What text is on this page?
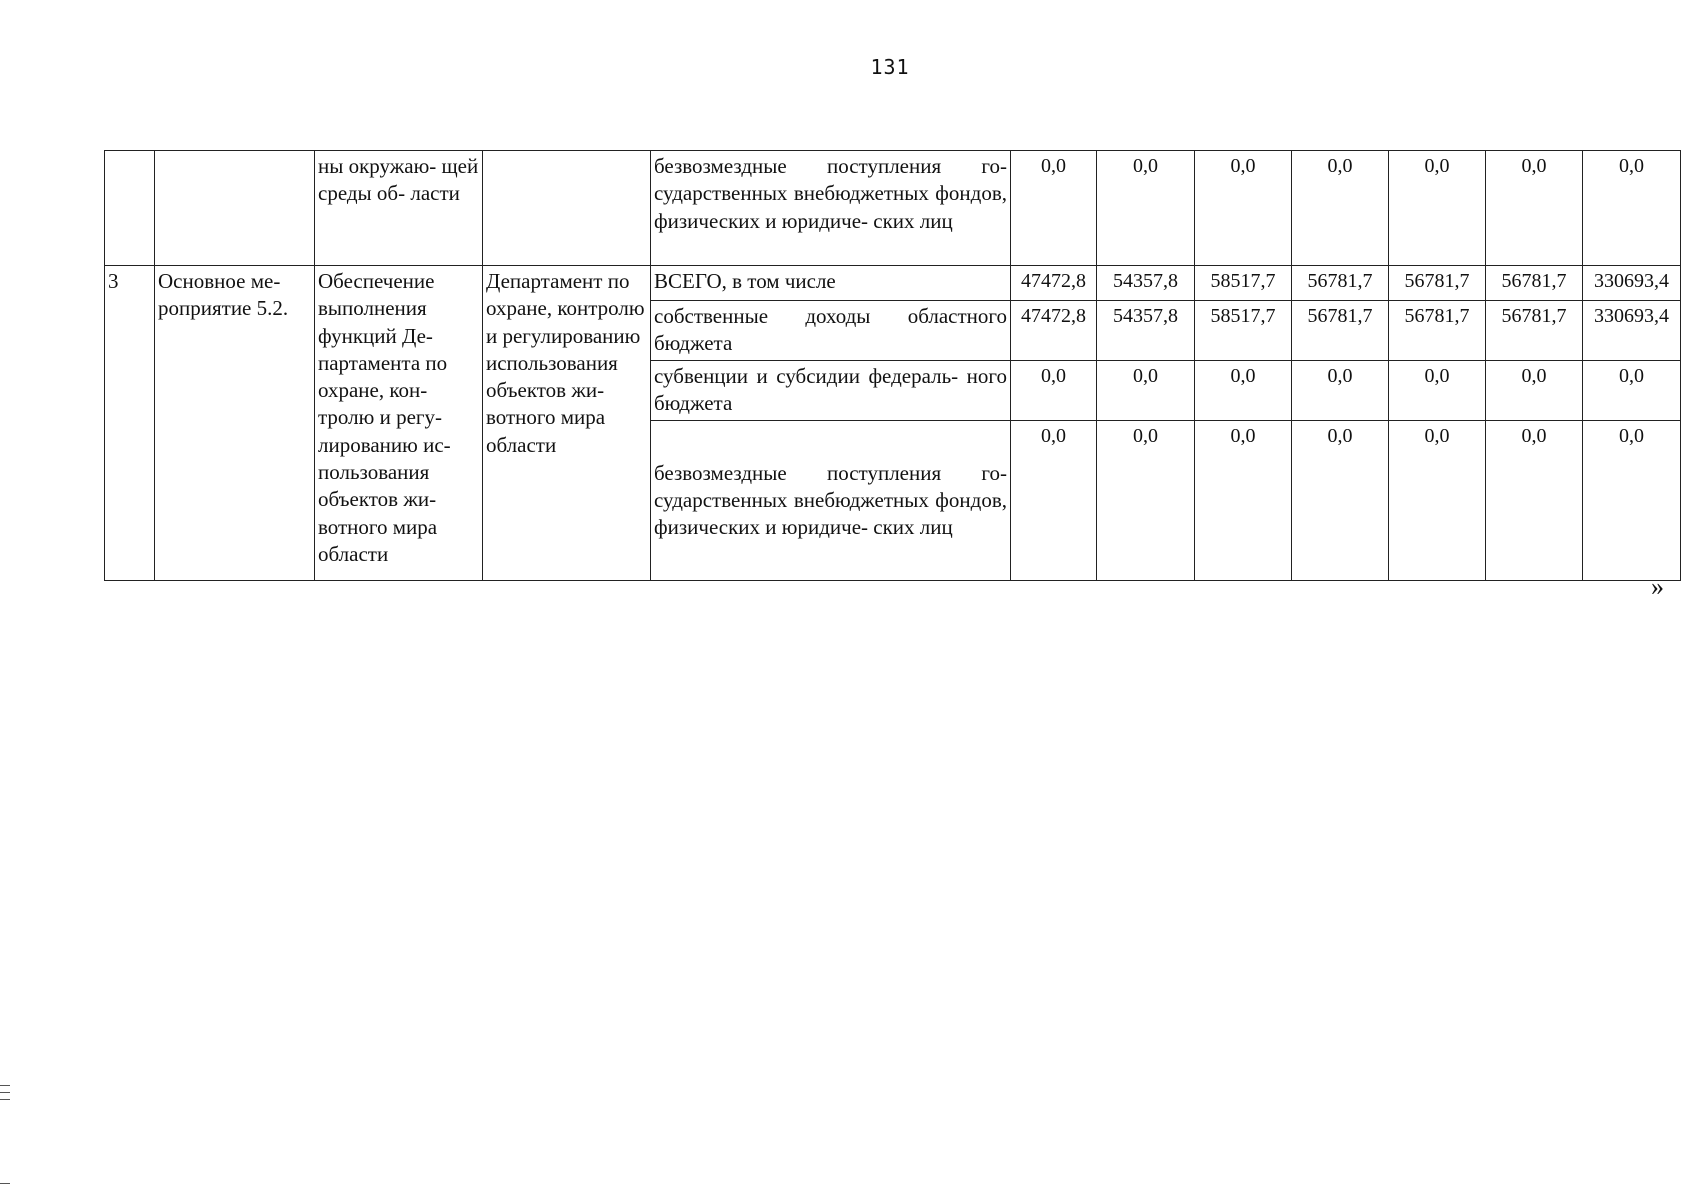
131
		ны окружаю- щей среды об- ласти		безвозмездные поступления го- сударственных внебюджетных фондов, физических и юридиче- ских лиц	0,0	0,0	0,0	0,0	0,0	0,0	0,0
3	Основное ме- роприятие 5.2.	Обеспечение выполнения функций Де- партамента по охране, кон- тролю и регу- лированию ис- пользования объектов жи- вотного мира области	Департамент по охране, контролю и регулированию использования объектов жи- вотного мира области	ВСЕГО, в том числе	47472,8	54357,8	58517,7	56781,7	56781,7	56781,7	330693,4
				собственные доходы областного бюджета	47472,8	54357,8	58517,7	56781,7	56781,7	56781,7	330693,4
				субвенции и субсидии федераль- ного бюджета	0,0	0,0	0,0	0,0	0,0	0,0	0,0
				безвозмездные поступления го- сударственных внебюджетных фондов, физических и юридиче- ских лиц	0,0	0,0	0,0	0,0	0,0	0,0	0,0
»
